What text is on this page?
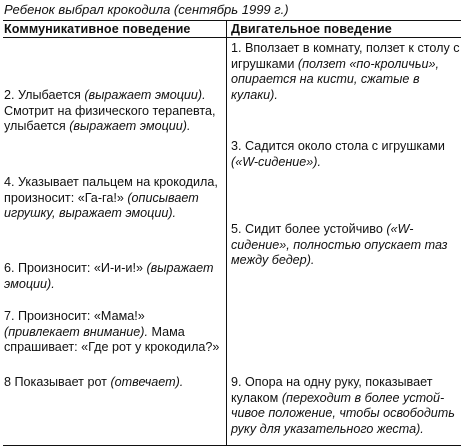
Ребенок выбрал крокодила (сентябрь 1999 г.)
Коммуникативное поведение	Двигательное поведение

1. Вползает в комнату, ползет к столу с игрушками (ползет «по-кроличьи», опирается на кисти, сжатые в кулаки).

2. Улыбается (выражает эмоции).

Смотрит на физического терапевта, улыбается (выражает эмоции).

3. Садится около стола с игрушками («W-сидение»).

4. Указывает пальцем на крокодила, произносит: «Га-га!» (описывает игрушку, выражает эмоции).

5. Сидит более устойчиво («W-сидение», полностью опускает таз между бедер).

6. Произносит: «И-и-и!» (выражает эмоции).

7. Произносит: «Мама!» (привлекает внимание). Мама спрашивает: «Где рот у крокодила?»

8 Показывает рот (отвечает).	9. Опора на одну руку, показывает кулаком (переходит в более устойчивое положение, чтобы освободить руку для указательного жеста).
